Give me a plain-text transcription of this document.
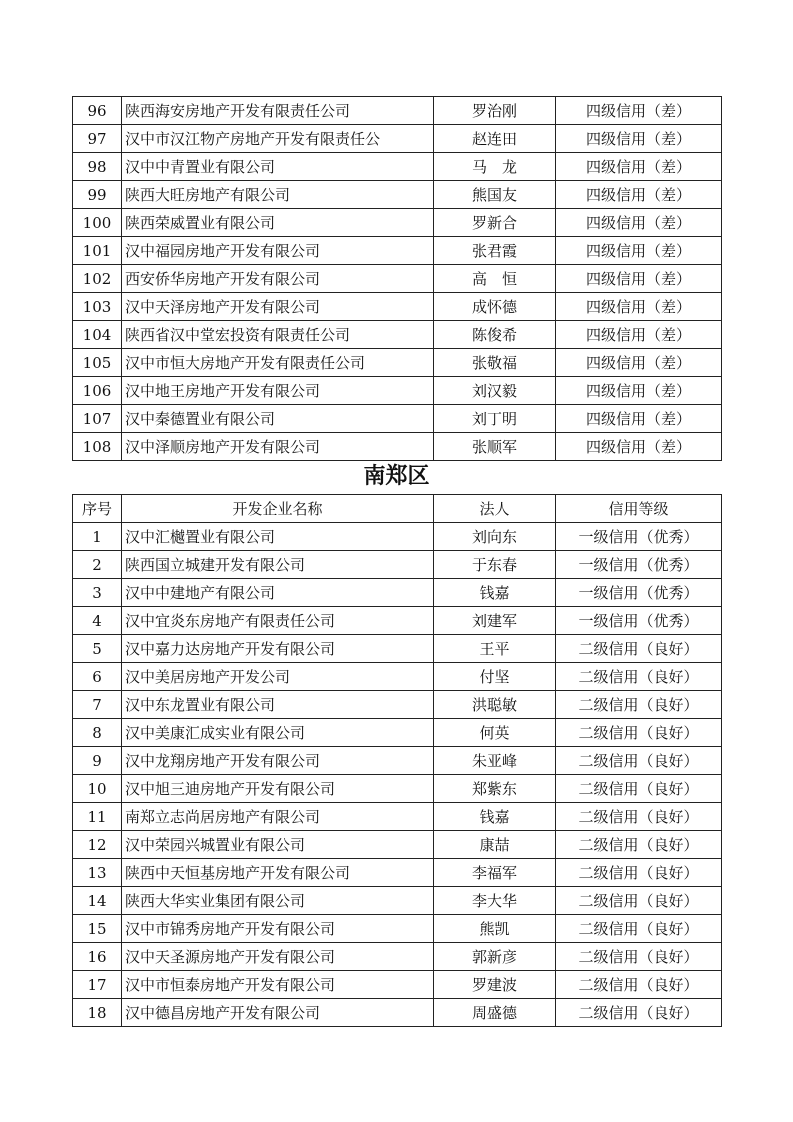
96	陕西海安房地产开发有限责任公司	罗治刚	四级信用（差）
97	汉中市汉江物产房地产开发有限责任公	赵连田	四级信用（差）
98	汉中中青置业有限公司	马　龙	四级信用（差）
99	陕西大旺房地产有限公司	熊国友	四级信用（差）
100	陕西荣威置业有限公司	罗新合	四级信用（差）
101	汉中福园房地产开发有限公司	张君霞	四级信用（差）
102	西安侨华房地产开发有限公司	高　恒	四级信用（差）
103	汉中天泽房地产开发有限公司	成怀德	四级信用（差）
104	陕西省汉中堂宏投资有限责任公司	陈俊希	四级信用（差）
105	汉中市恒大房地产开发有限责任公司	张敬福	四级信用（差）
106	汉中地王房地产开发有限公司	刘汉毅	四级信用（差）
107	汉中秦德置业有限公司	刘丁明	四级信用（差）
108	汉中泽顺房地产开发有限公司	张顺军	四级信用（差）
南郑区
序号	开发企业名称	法人	信用等级
1	汉中汇樾置业有限公司	刘向东	一级信用（优秀）
2	陕西国立城建开发有限公司	于东春	一级信用（优秀）
3	汉中中建地产有限公司	钱嘉	一级信用（优秀）
4	汉中宜炎东房地产有限责任公司	刘建军	一级信用（优秀）
5	汉中嘉力达房地产开发有限公司	王平	二级信用（良好）
6	汉中美居房地产开发公司	付坚	二级信用（良好）
7	汉中东龙置业有限公司	洪聪敏	二级信用（良好）
8	汉中美康汇成实业有限公司	何英	二级信用（良好）
9	汉中龙翔房地产开发有限公司	朱亚峰	二级信用（良好）
10	汉中旭三迪房地产开发有限公司	郑紫东	二级信用（良好）
11	南郑立志尚居房地产有限公司	钱嘉	二级信用（良好）
12	汉中荣园兴城置业有限公司	康喆	二级信用（良好）
13	陕西中天恒基房地产开发有限公司	李福军	二级信用（良好）
14	陕西大华实业集团有限公司	李大华	二级信用（良好）
15	汉中市锦秀房地产开发有限公司	熊凯	二级信用（良好）
16	汉中天圣源房地产开发有限公司	郭新彦	二级信用（良好）
17	汉中市恒泰房地产开发有限公司	罗建波	二级信用（良好）
18	汉中德昌房地产开发有限公司	周盛德	二级信用（良好）
